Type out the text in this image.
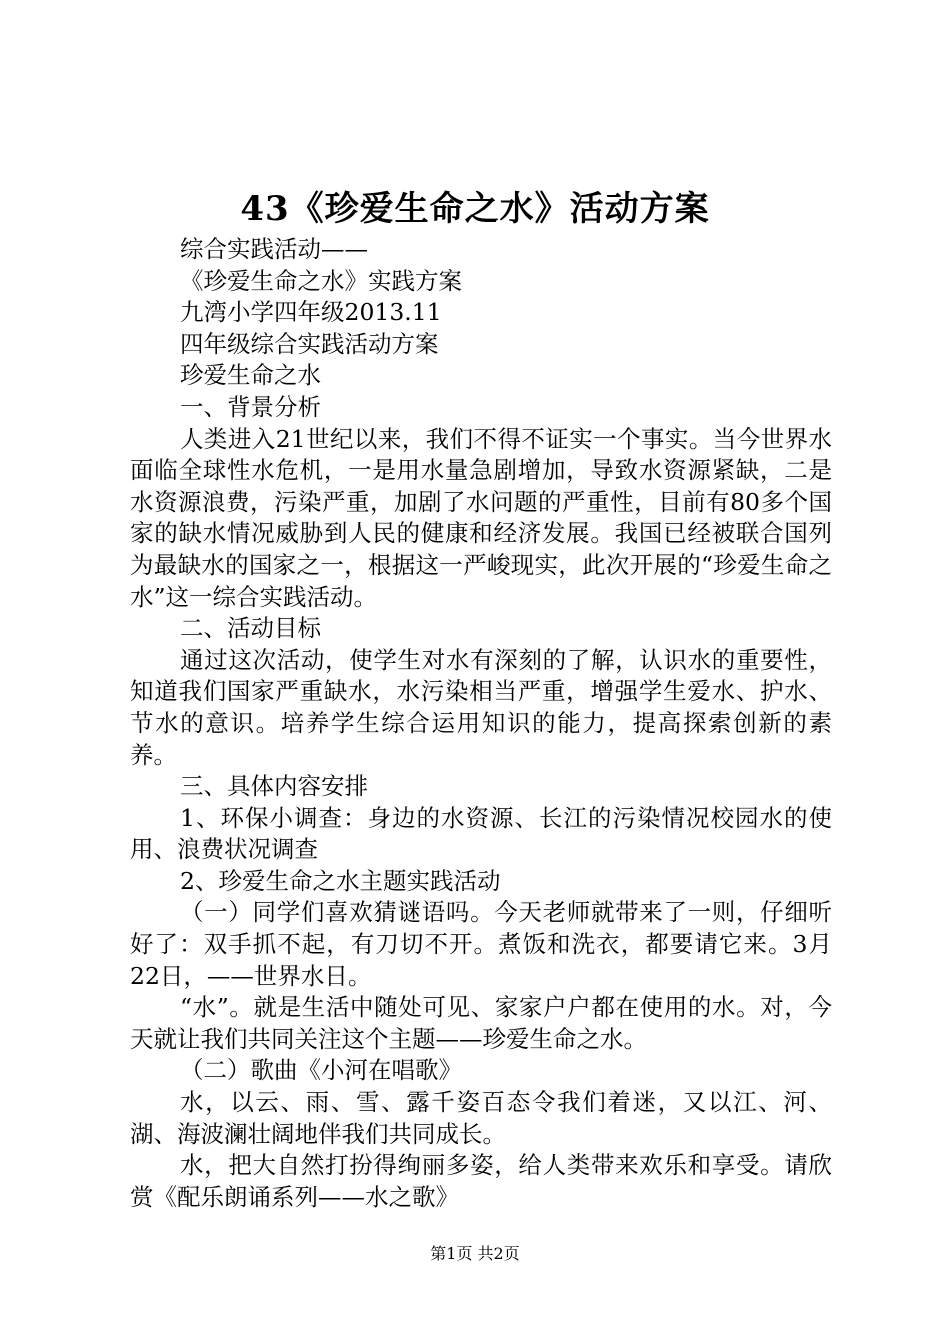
43《珍爱生命之水》活动方案

综合实践活动——

《珍爱生命之水》实践方案

九湾小学四年级2013.11

四年级综合实践活动方案

珍爱生命之水

一、背景分析

人类进入21世纪以来，我们不得不证实一个事实。当今世界水面临全球性水危机，一是用水量急剧增加，导致水资源紧缺，二是水资源浪费，污染严重，加剧了水问题的严重性，目前有80多个国家的缺水情况威胁到人民的健康和经济发展。我国已经被联合国列为最缺水的国家之一，根据这一严峻现实，此次开展的“珍爱生命之水”这一综合实践活动。

二、活动目标

通过这次活动，使学生对水有深刻的了解，认识水的重要性，知道我们国家严重缺水，水污染相当严重，增强学生爱水、护水、节水的意识。培养学生综合运用知识的能力，提高探索创新的素养。

三、具体内容安排

1、环保小调查：身边的水资源、长江的污染情况校园水的使用、浪费状况调查

2、珍爱生命之水主题实践活动

（一）同学们喜欢猜谜语吗。今天老师就带来了一则，仔细听好了：双手抓不起，有刀切不开。煮饭和洗衣，都要请它来。3月22日，——世界水日。

“水”。就是生活中随处可见、家家户户都在使用的水。对，今天就让我们共同关注这个主题——珍爱生命之水。

（二）歌曲《小河在唱歌》

水，以云、雨、雪、露千姿百态令我们着迷，又以江、河、湖、海波澜壮阔地伴我们共同成长。

水，把大自然打扮得绚丽多姿，给人类带来欢乐和享受。请欣赏《配乐朗诵系列——水之歌》

第1页 共2页
